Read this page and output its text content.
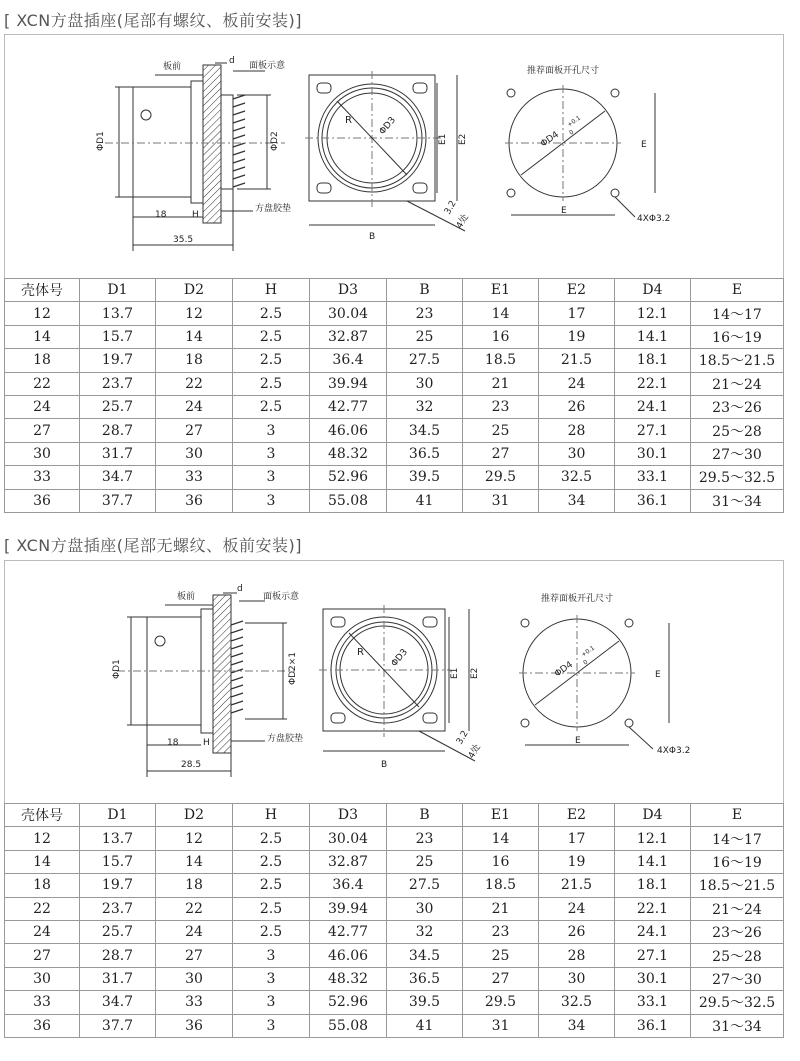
[ XCN方盘插座(尾部有螺纹、板前安装)]
板前
d 面板示意
ΦD1	ΦD2
18	H
方盘胶垫
35.5
R	ΦD3
E1 E2
B
3.2
4处
推荐面板开孔尺寸
ΦD4
+0.1
0
E
E
4XΦ3.2
壳体号	D1	D2	H	D3	B	E1	E2	D4	E
12	13.7	12	2.5	30.04	23	14	17	12.1	14～17
14	15.7	14	2.5	32.87	25	16	19	14.1	16～19
18	19.7	18	2.5	36.4	27.5	18.5	21.5	18.1	18.5～21.5
22	23.7	22	2.5	39.94	30	21	24	22.1	21～24
24	25.7	24	2.5	42.77	32	23	26	24.1	23～26
27	28.7	27	3	46.06	34.5	25	28	27.1	25～28
30	31.7	30	3	48.32	36.5	27	30	30.1	27～30
33	34.7	33	3	52.96	39.5	29.5	32.5	33.1	29.5～32.5
36	37.7	36	3	55.08	41	31	34	36.1	31～34
[ XCN方盘插座(尾部无螺纹、板前安装)]
板前
d
面板示意
ΦD1	ΦD2×1
18	H	方盘胶垫
28.5
R	ΦD3
E1 E2
B
3.2
4处
推荐面板开孔尺寸
ΦD4
+0.1
0
E
E
4XΦ3.2
壳体号	D1	D2	H	D3	B	E1	E2	D4	E
12	13.7	12	2.5	30.04	23	14	17	12.1	14～17
14	15.7	14	2.5	32.87	25	16	19	14.1	16～19
18	19.7	18	2.5	36.4	27.5	18.5	21.5	18.1	18.5～21.5
22	23.7	22	2.5	39.94	30	21	24	22.1	21～24
24	25.7	24	2.5	42.77	32	23	26	24.1	23～26
27	28.7	27	3	46.06	34.5	25	28	27.1	25～28
30	31.7	30	3	48.32	36.5	27	30	30.1	27～30
33	34.7	33	3	52.96	39.5	29.5	32.5	33.1	29.5～32.5
36	37.7	36	3	55.08	41	31	34	36.1	31～34
